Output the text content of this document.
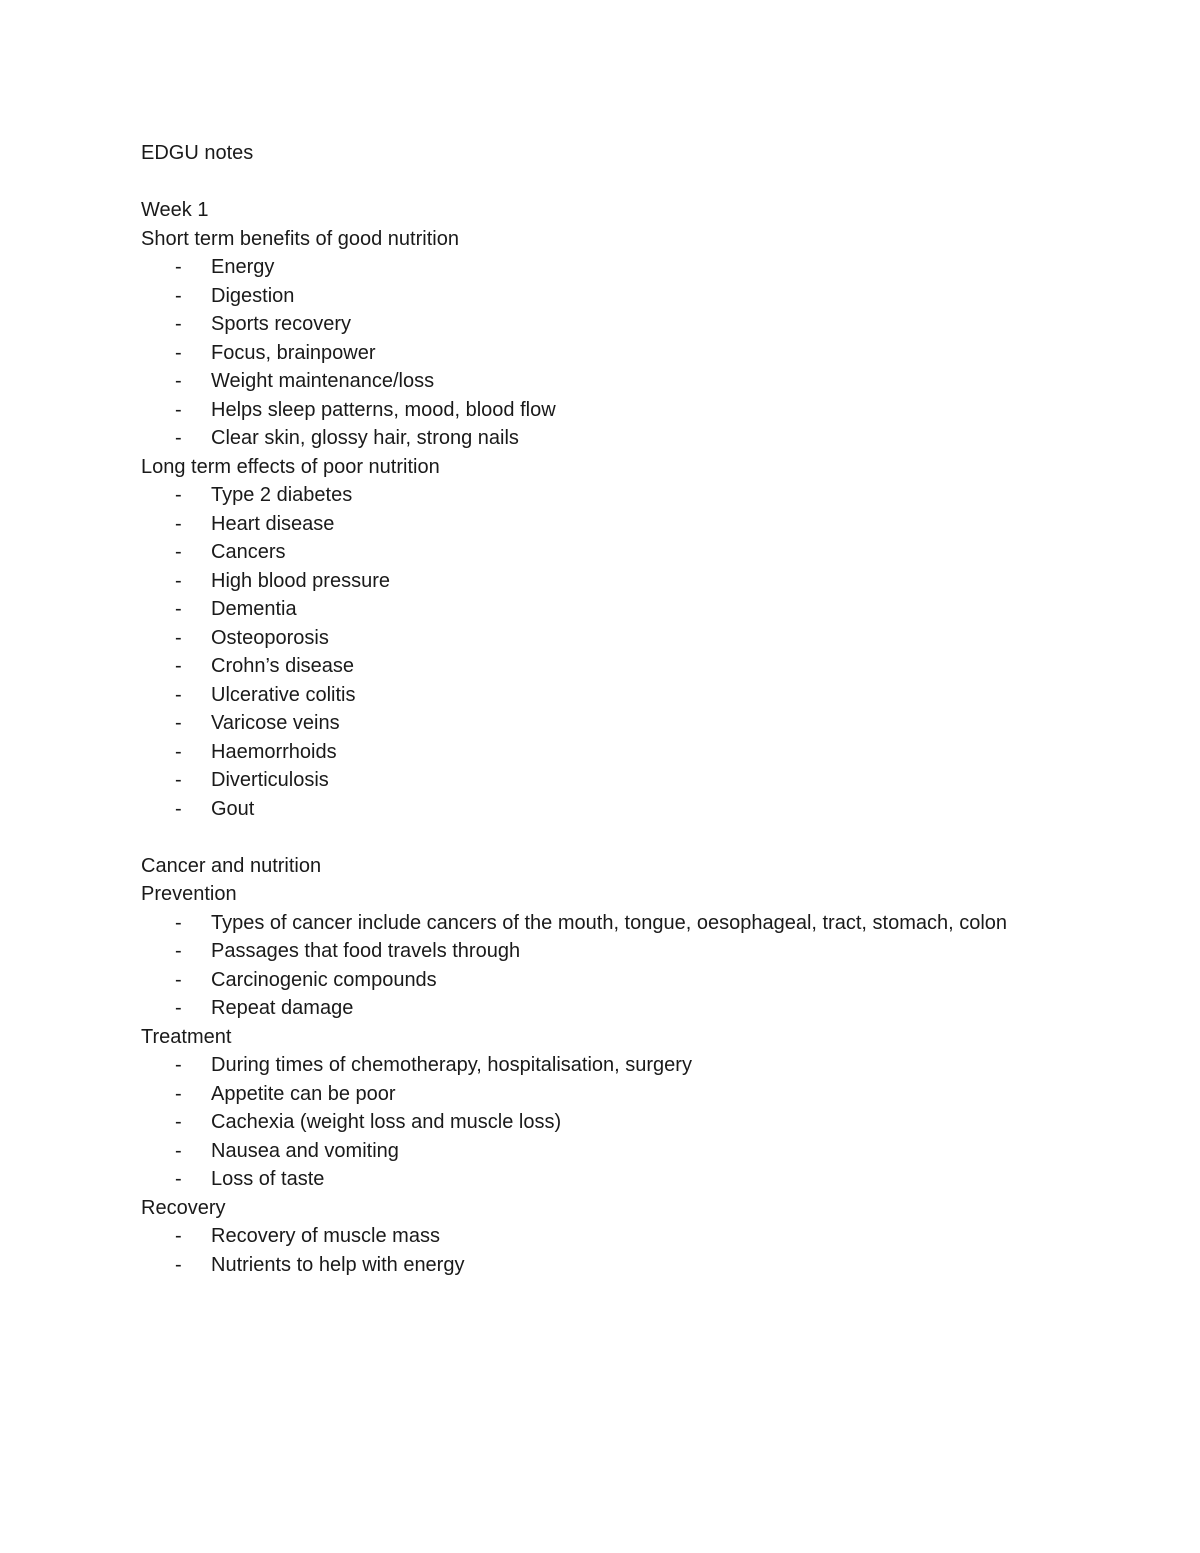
EDGU notes
Week 1
Short term benefits of good nutrition
- Energy
- Digestion
- Sports recovery
- Focus, brainpower
- Weight maintenance/loss
- Helps sleep patterns, mood, blood flow
- Clear skin, glossy hair, strong nails
Long term effects of poor nutrition
- Type 2 diabetes
- Heart disease
- Cancers
- High blood pressure
- Dementia
- Osteoporosis
- Crohn’s disease
- Ulcerative colitis
- Varicose veins
- Haemorrhoids
- Diverticulosis
- Gout
Cancer and nutrition
Prevention
- Types of cancer include cancers of the mouth, tongue, oesophageal, tract, stomach, colon
- Passages that food travels through
- Carcinogenic compounds
- Repeat damage
Treatment
- During times of chemotherapy, hospitalisation, surgery
- Appetite can be poor
- Cachexia (weight loss and muscle loss)
- Nausea and vomiting
- Loss of taste
Recovery
- Recovery of muscle mass
- Nutrients to help with energy
